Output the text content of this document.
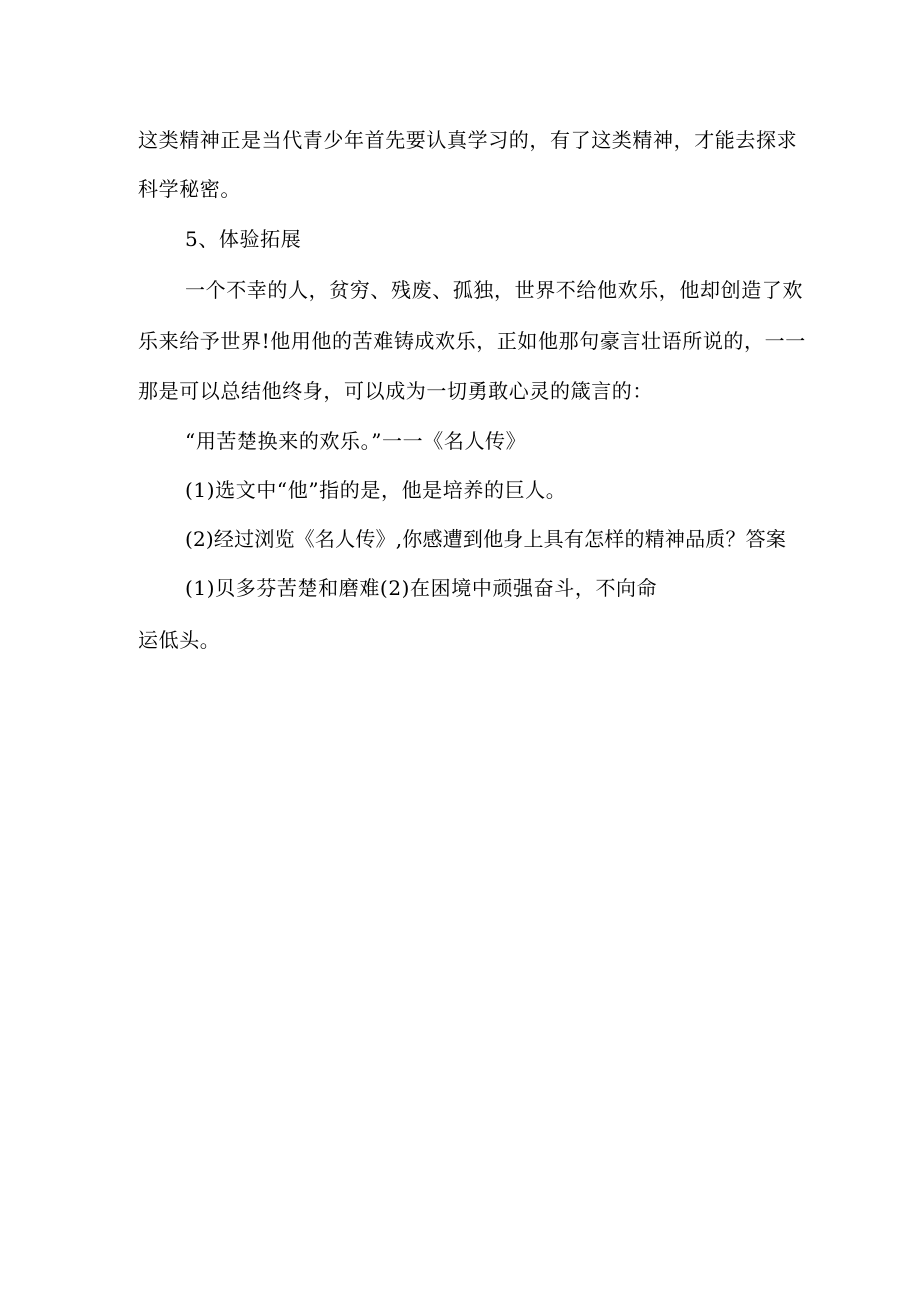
这类精神正是当代青少年首先要认真学习的，有了这类精神，才能去探求
科学秘密。
5、体验拓展
一个不幸的人，贫穷、残废、孤独，世界不给他欢乐，他却创造了欢
乐来给予世界!他用他的苦难铸成欢乐，正如他那句豪言壮语所说的，一一
那是可以总结他终身，可以成为一切勇敢心灵的箴言的：
“用苦楚换来的欢乐。”一一《名人传》
(1)选文中“他”指的是，他是培养的巨人。
(2)经过浏览《名人传》,你感遭到他身上具有怎样的精神品质？答案
(1)贝多芬苦楚和磨难(2)在困境中顽强奋斗，不向命
运低头。
